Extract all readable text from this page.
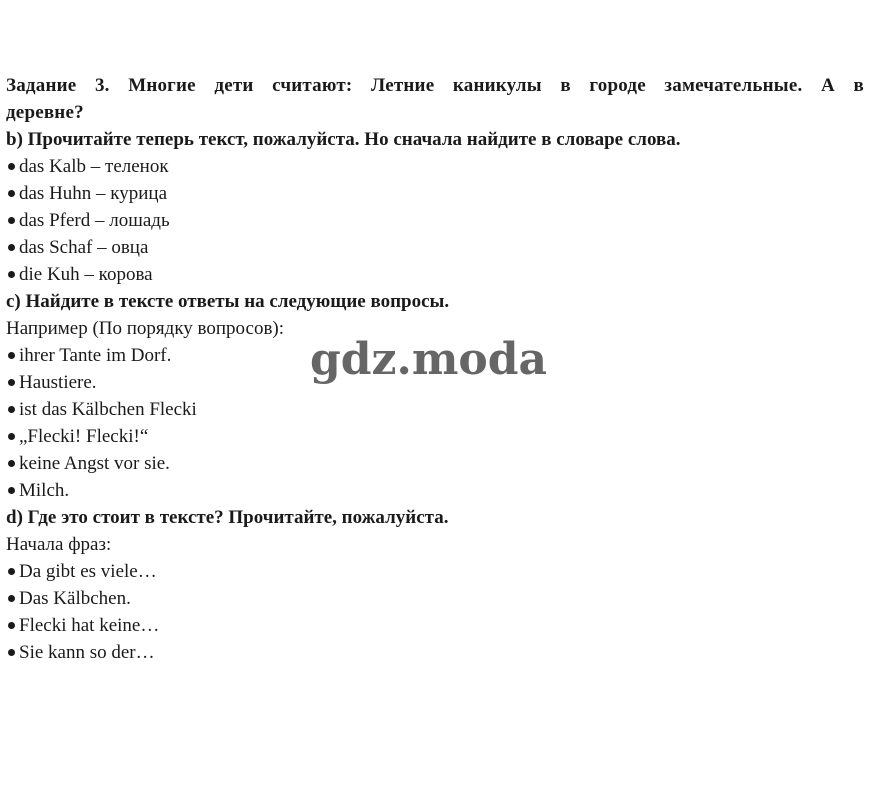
Задание 3. Многие дети считают: Летние каникулы в городе замечательные. А в
деревне?
b) Прочитайте теперь текст, пожалуйста. Но сначала найдите в словаре слова.
das Kalb – теленок
das Huhn – курица
das Pferd – лошадь
das Schaf – овца
die Kuh – корова
c) Найдите в тексте ответы на следующие вопросы.
Например (По порядку вопросов):
ihrer Tante im Dorf.
Haustiere.
ist das Kälbchen Flecki
„Flecki! Flecki!“
keine Angst vor sie.
Milch.
d) Где это стоит в тексте? Прочитайте, пожалуйста.
Начала фраз:
Da gibt es viele…
Das Kälbchen.
Flecki hat keine…
Sie kann so der…
gdz.moda
